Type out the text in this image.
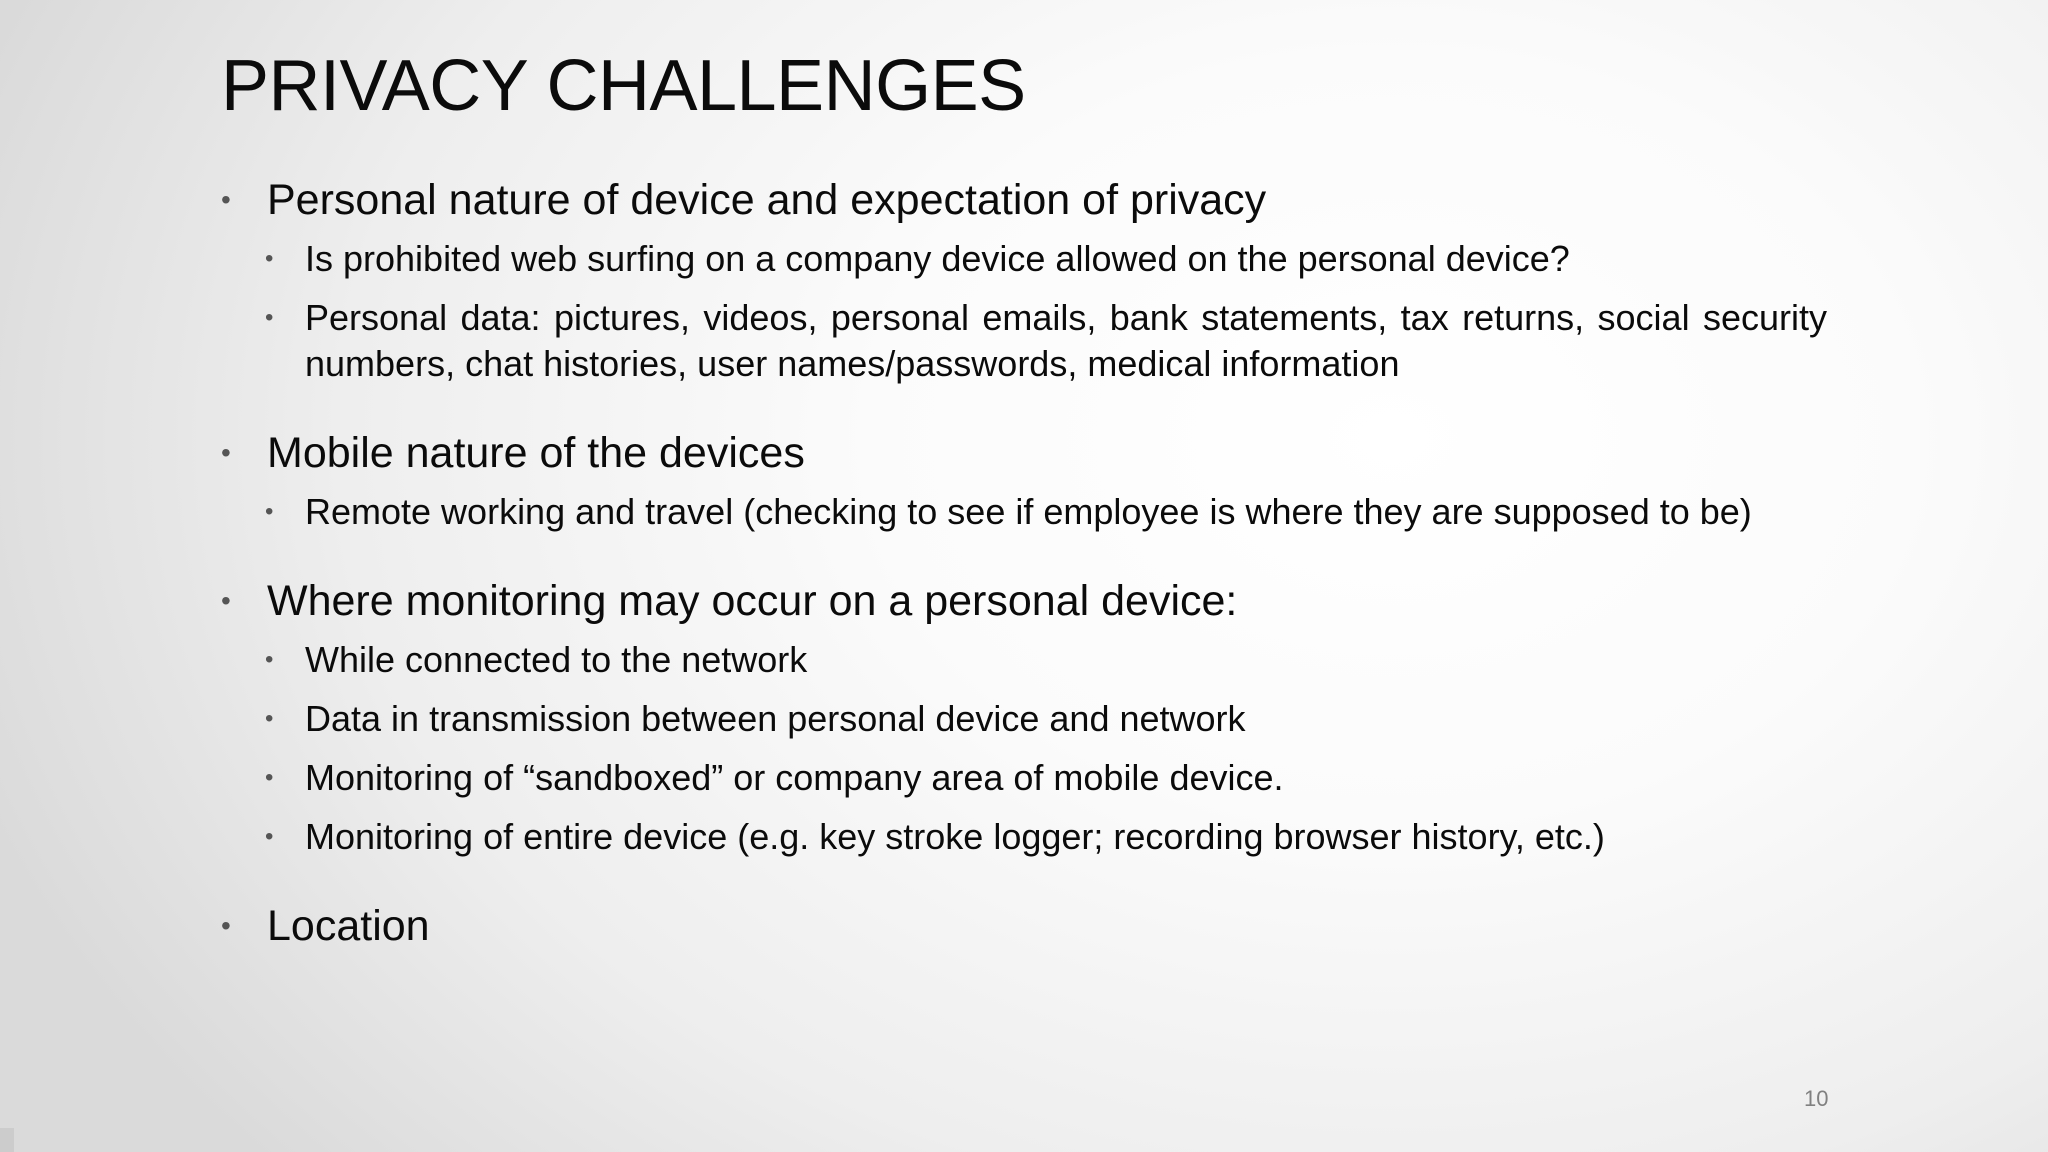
PRIVACY CHALLENGES
• Personal nature of device and expectation of privacy
• Is prohibited web surfing on a company device allowed on the personal device?
• Personal data: pictures, videos, personal emails, bank statements, tax returns, social security numbers, chat histories, user names/passwords, medical information
• Mobile nature of the devices
• Remote working and travel (checking to see if employee is where they are supposed to be)
• Where monitoring may occur on a personal device:
• While connected to the network
• Data in transmission between personal device and network
• Monitoring of “sandboxed” or company area of mobile device.
• Monitoring of entire device (e.g. key stroke logger; recording browser history, etc.)
• Location
10
